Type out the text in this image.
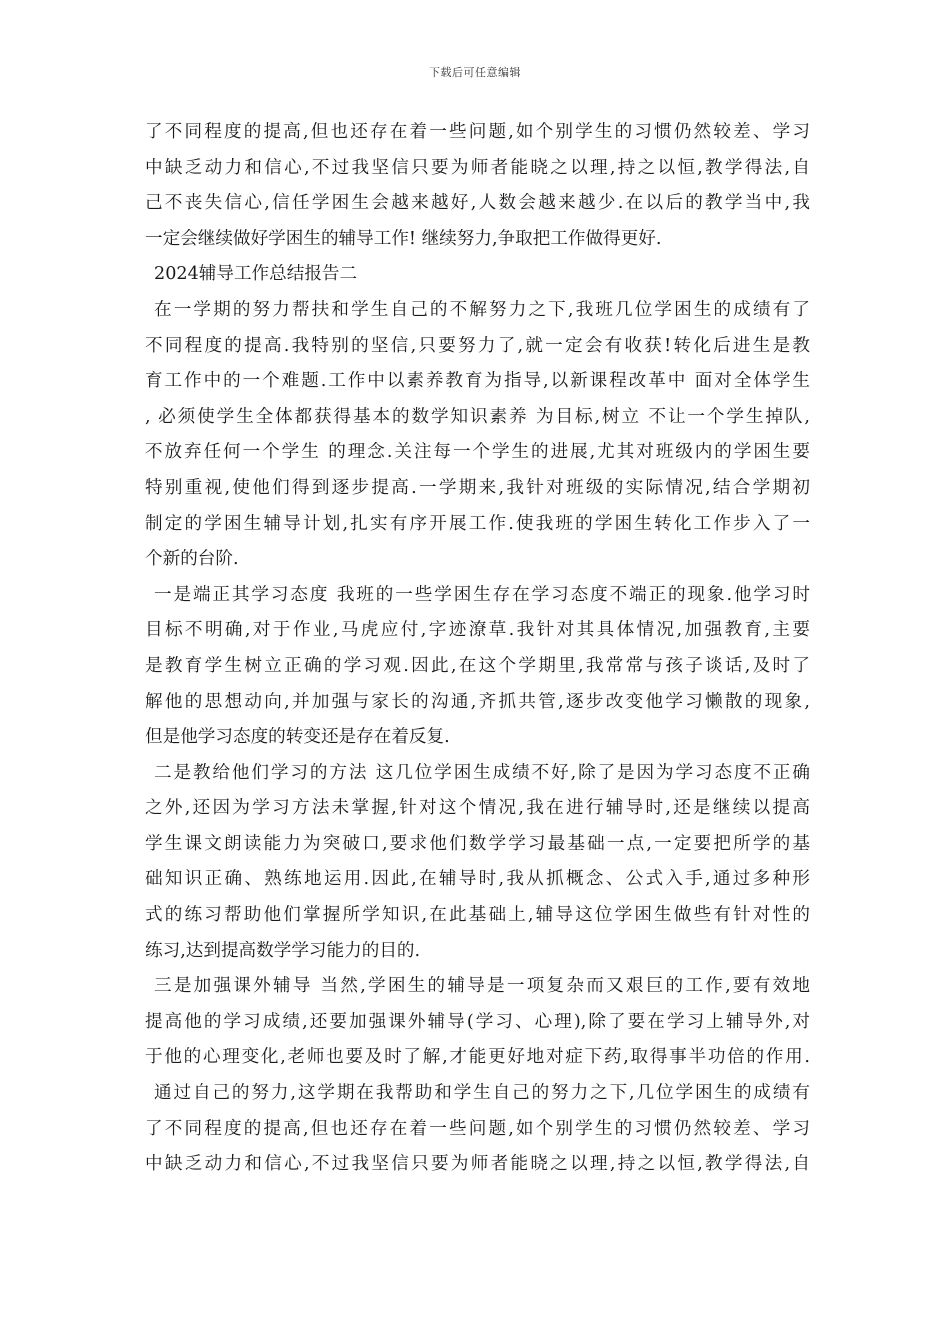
下载后可任意编辑
了不同程度的提高,但也还存在着一些问题,如个别学生的习惯仍然较差、学习
中缺乏动力和信心,不过我坚信只要为师者能晓之以理,持之以恒,教学得法,自
己不丧失信心,信任学困生会越来越好,人数会越来越少.在以后的教学当中,我
一定会继续做好学困生的辅导工作! 继续努力,争取把工作做得更好.
2024辅导工作总结报告二
在一学期的努力帮扶和学生自己的不解努力之下,我班几位学困生的成绩有了
不同程度的提高.我特别的坚信,只要努力了,就一定会有收获!转化后进生是教
育工作中的一个难题.工作中以素养教育为指导,以新课程改革中 面对全体学生
, 必须使学生全体都获得基本的数学知识素养 为目标,树立 不让一个学生掉队,
不放弃任何一个学生 的理念.关注每一个学生的进展,尤其对班级内的学困生要
特别重视,使他们得到逐步提高.一学期来,我针对班级的实际情况,结合学期初
制定的学困生辅导计划,扎实有序开展工作.使我班的学困生转化工作步入了一
个新的台阶.
一是端正其学习态度 我班的一些学困生存在学习态度不端正的现象.他学习时
目标不明确,对于作业,马虎应付,字迹潦草.我针对其具体情况,加强教育,主要
是教育学生树立正确的学习观.因此,在这个学期里,我常常与孩子谈话,及时了
解他的思想动向,并加强与家长的沟通,齐抓共管,逐步改变他学习懒散的现象,
但是他学习态度的转变还是存在着反复.
二是教给他们学习的方法 这几位学困生成绩不好,除了是因为学习态度不正确
之外,还因为学习方法未掌握,针对这个情况,我在进行辅导时,还是继续以提高
学生课文朗读能力为突破口,要求他们数学学习最基础一点,一定要把所学的基
础知识正确、熟练地运用.因此,在辅导时,我从抓概念、公式入手,通过多种形
式的练习帮助他们掌握所学知识,在此基础上,辅导这位学困生做些有针对性的
练习,达到提高数学学习能力的目的.
三是加强课外辅导 当然,学困生的辅导是一项复杂而又艰巨的工作,要有效地
提高他的学习成绩,还要加强课外辅导(学习、心理),除了要在学习上辅导外,对
于他的心理变化,老师也要及时了解,才能更好地对症下药,取得事半功倍的作用.
通过自己的努力,这学期在我帮助和学生自己的努力之下,几位学困生的成绩有
了不同程度的提高,但也还存在着一些问题,如个别学生的习惯仍然较差、学习
中缺乏动力和信心,不过我坚信只要为师者能晓之以理,持之以恒,教学得法,自
